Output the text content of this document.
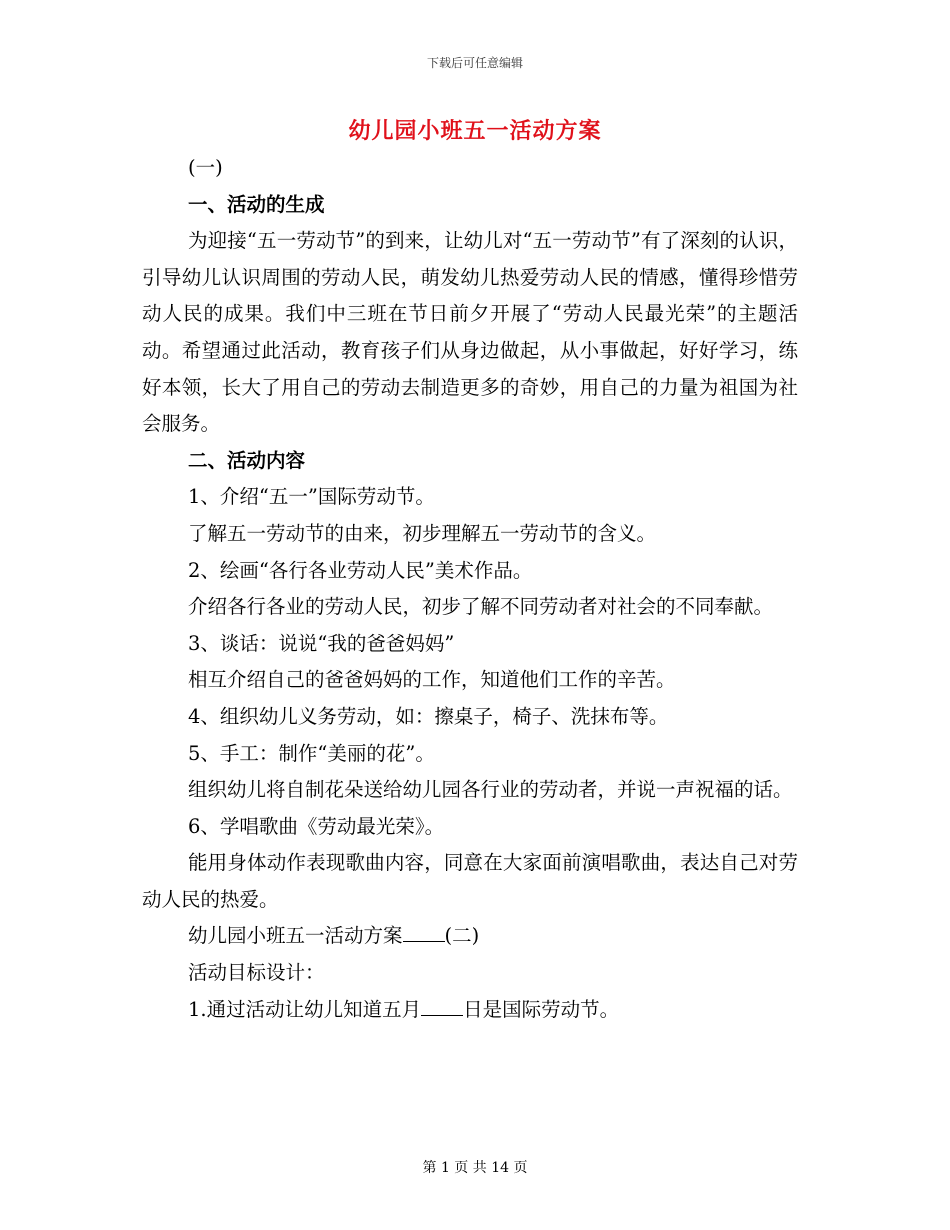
下载后可任意编辑
幼儿园小班五一活动方案

(一)

一、活动的生成

为迎接“五一劳动节”的到来，让幼儿对“五一劳动节”有了深刻的认识，引导幼儿认识周围的劳动人民，萌发幼儿热爱劳动人民的情感，懂得珍惜劳动人民的成果。我们中三班在节日前夕开展了“劳动人民最光荣”的主题活动。希望通过此活动，教育孩子们从身边做起，从小事做起，好好学习，练好本领，长大了用自己的劳动去制造更多的奇妙，用自己的力量为祖国为社会服务。

二、活动内容

1、介绍“五一”国际劳动节。

了解五一劳动节的由来，初步理解五一劳动节的含义。

2、绘画“各行各业劳动人民”美术作品。

介绍各行各业的劳动人民，初步了解不同劳动者对社会的不同奉献。

3、谈话：说说“我的爸爸妈妈”

相互介绍自己的爸爸妈妈的工作，知道他们工作的辛苦。

4、组织幼儿义务劳动，如：擦桌子，椅子、洗抹布等。

5、手工：制作“美丽的花”。

组织幼儿将自制花朵送给幼儿园各行业的劳动者，并说一声祝福的话。

6、学唱歌曲《劳动最光荣》。

能用身体动作表现歌曲内容，同意在大家面前演唱歌曲，表达自己对劳动人民的热爱。

幼儿园小班五一活动方案 (二)

活动目标设计：

1.通过活动让幼儿知道五月 日是国际劳动节。

第 1 页 共 14 页
